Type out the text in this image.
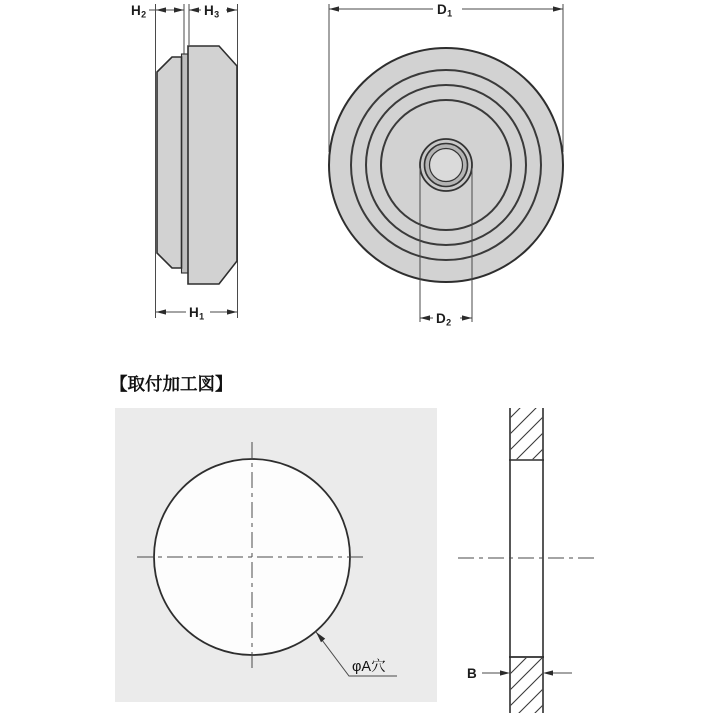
H2	H3
H1
D1
D2
【取付加工図】
φA穴	B
